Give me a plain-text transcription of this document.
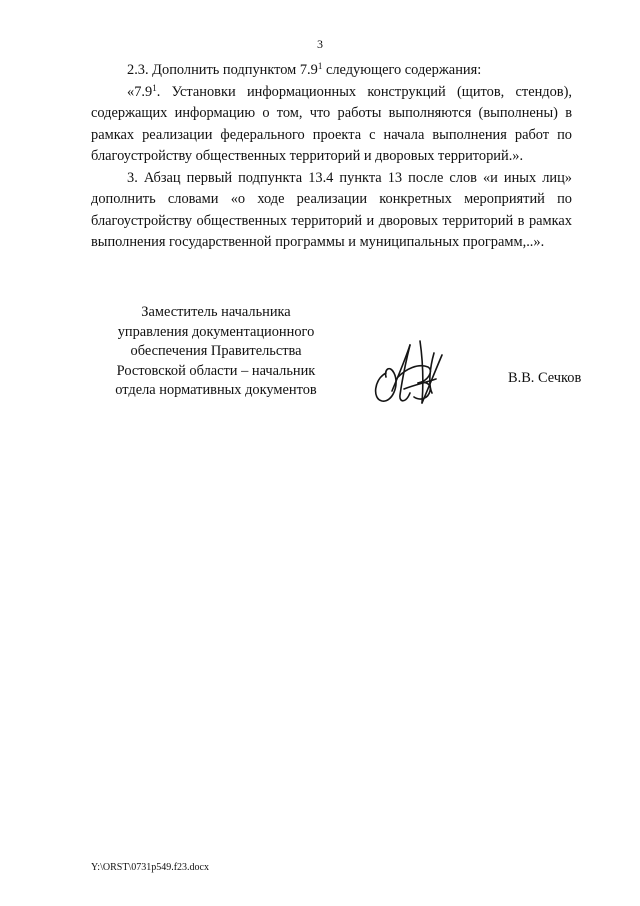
3

2.3. Дополнить подпунктом $7.9^1$ следующего содержания:

«$7.9^1$. Установки информационных конструкций (щитов, стендов), содержащих информацию о том, что работы выполняются (выполнены) в рамках реализации федерального проекта с начала выполнения работ по благоустройству общественных территорий и дворовых территорий.».

3. Абзац первый подпункта 13.4 пункта 13 после слов «и иных лиц» дополнить словами «о ходе реализации конкретных мероприятий по благоустройству общественных территорий и дворовых территорий в рамках выполнения государственной программы и муниципальных программ,..».

Заместитель начальника
управления документационного
обеспечения Правительства
Ростовской области – начальник
отдела нормативных документов
В.В. Сечков
Y:\ORST\0731p549.f23.docx
